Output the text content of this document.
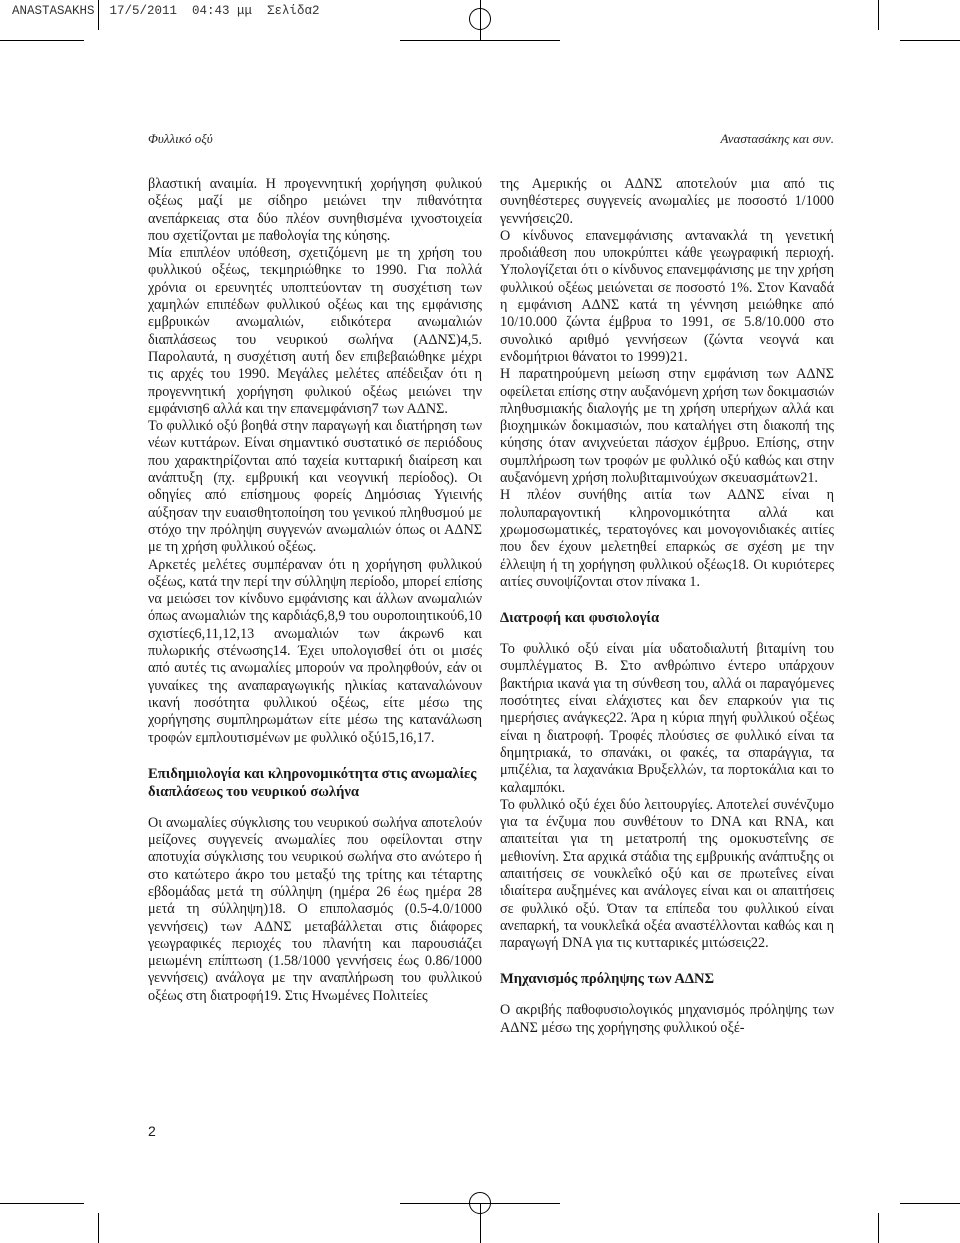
ANASTASAKHS  17/5/2011  04:43 μμ  Σελίδα2
Φυλλικό οξύ	Αναστασάκης και συν.

βλαστική αναιμία. Η προγεννητική χορήγηση φυλικού οξέως μαζί με σίδηρο μειώνει την πιθανότητα ανεπάρκειας στα δύο πλέον συνηθισμένα ιχνοστοιχεία που σχετίζονται με παθολογία της κύησης.

Μία επιπλέον υπόθεση, σχετιζόμενη με τη χρήση του φυλλικού οξέως, τεκμηριώθηκε το 1990. Για πολλά χρόνια οι ερευνητές υποπτεύονταν τη συσχέτιση των χαμηλών επιπέδων φυλλικού οξέως και της εμφάνισης εμβρυικών ανωμαλιών, ειδικότερα ανωμαλιών διαπλάσεως του νευρικού σωλήνα (ΑΔΝΣ)4,5. Παρολαυτά, η συσχέτιση αυτή δεν επιβεβαιώθηκε μέχρι τις αρχές του 1990. Μεγάλες μελέτες απέδειξαν ότι η προγεννητική χορήγηση φυλικού οξέως μειώνει την εμφάνιση6 αλλά και την επανεμφάνιση7 των ΑΔΝΣ.

Το φυλλικό οξύ βοηθά στην παραγωγή και διατήρηση των νέων κυττάρων. Είναι σημαντικό συστατικό σε περιόδους που χαρακτηρίζονται από ταχεία κυτταρική διαίρεση και ανάπτυξη (πχ. εμβρυική και νεογνική περίοδος). Οι οδηγίες από επίσημους φορείς Δημόσιας Υγιεινής αύξησαν την ευαισθητοποίηση του γενικού πληθυσμού με στόχο την πρόληψη συγγενών ανωμαλιών όπως οι ΑΔΝΣ με τη χρήση φυλλικού οξέως.

Αρκετές μελέτες συμπέραναν ότι η χορήγηση φυλλικού οξέως, κατά την περί την σύλληψη περίοδο, μπορεί επίσης να μειώσει τον κίνδυνο εμφάνισης και άλλων ανωμαλιών όπως ανωμαλιών της καρδιάς6,8,9 του ουροποιητικού6,10 σχιστίες6,11,12,13 ανωμαλιών των άκρων6 και πυλωρικής στένωσης14. Έχει υπολογισθεί ότι οι μισές από αυτές τις ανωμαλίες μπορούν να προληφθούν, εάν οι γυναίκες της αναπαραγωγικής ηλικίας καταναλώνουν ικανή ποσότητα φυλλικού οξέως, είτε μέσω της χορήγησης συμπληρωμάτων είτε μέσω της κατανάλωση τροφών εμπλουτισμένων με φυλλικό οξύ15,16,17.

Επιδημιολογία και κληρονομικότητα στις ανωμαλίες διαπλάσεως του νευρικού σωλήνα

Οι ανωμαλίες σύγκλισης του νευρικού σωλήνα αποτελούν μείζονες συγγενείς ανωμαλίες που οφείλονται στην αποτυχία σύγκλισης του νευρικού σωλήνα στο ανώτερο ή στο κατώτερο άκρο του μεταξύ της τρίτης και τέταρτης εβδομάδας μετά τη σύλληψη (ημέρα 26 έως ημέρα 28 μετά τη σύλληψη)18. Ο επιπολασμός (0.5-4.0/1000 γεννήσεις) των ΑΔΝΣ μεταβάλλεται στις διάφορες γεωγραφικές περιοχές του πλανήτη και παρουσιάζει μειωμένη επίπτωση (1.58/1000 γεννήσεις έως 0.86/1000 γεννήσεις) ανάλογα με την αναπλήρωση του φυλλικού οξέως στη διατροφή19. Στις Ηνωμένες Πολιτείες

της Αμερικής οι ΑΔΝΣ αποτελούν μια από τις συνηθέστερες συγγενείς ανωμαλίες με ποσοστό 1/1000 γεννήσεις20.

Ο κίνδυνος επανεμφάνισης αντανακλά τη γενετική προδιάθεση που υποκρύπτει κάθε γεωγραφική περιοχή. Υπολογίζεται ότι ο κίνδυνος επανεμφάνισης με την χρήση φυλλικού οξέως μειώνεται σε ποσοστό 1%. Στον Καναδά η εμφάνιση ΑΔΝΣ κατά τη γέννηση μειώθηκε από 10/10.000 ζώντα έμβρυα το 1991, σε 5.8/10.000 στο συνολικό αριθμό γεννήσεων (ζώντα νεογνά και ενδομήτριοι θάνατοι το 1999)21.

Η παρατηρούμενη μείωση στην εμφάνιση των ΑΔΝΣ οφείλεται επίσης στην αυξανόμενη χρήση των δοκιμασιών πληθυσμιακής διαλογής με τη χρήση υπερήχων αλλά και βιοχημικών δοκιμασιών, που καταλήγει στη διακοπή της κύησης όταν ανιχνεύεται πάσχον έμβρυο. Επίσης, στην συμπλήρωση των τροφών με φυλλικό οξύ καθώς και στην αυξανόμενη χρήση πολυβιταμινούχων σκευασμάτων21.

Η πλέον συνήθης αιτία των ΑΔΝΣ είναι η πολυπαραγοντική κληρονομικότητα αλλά και χρωμοσωματικές, τερατογόνες και μονογονιδιακές αιτίες που δεν έχουν μελετηθεί επαρκώς σε σχέση με την έλλειψη ή τη χορήγηση φυλλικού οξέως18. Οι κυριότερες αιτίες συνοψίζονται στον πίνακα 1.

Διατροφή και φυσιολογία

Το φυλλικό οξύ είναι μία υδατοδιαλυτή βιταμίνη του συμπλέγματος Β. Στο ανθρώπινο έντερο υπάρχουν βακτήρια ικανά για τη σύνθεση του, αλλά οι παραγόμενες ποσότητες είναι ελάχιστες και δεν επαρκούν για τις ημερήσιες ανάγκες22. Άρα η κύρια πηγή φυλλικού οξέως είναι η διατροφή. Τροφές πλούσιες σε φυλλικό είναι τα δημητριακά, το σπανάκι, οι φακές, τα σπαράγγια, τα μπιζέλια, τα λαχανάκια Βρυξελλών, τα πορτοκάλια και το καλαμπόκι.

Το φυλλικό οξύ έχει δύο λειτουργίες. Αποτελεί συνένζυμο για τα ένζυμα που συνθέτουν το DNA και RNA, και απαιτείται για τη μετατροπή της ομοκυστεΐνης σε μεθιονίνη. Στα αρχικά στάδια της εμβρυικής ανάπτυξης οι απαιτήσεις σε νουκλεΐκό οξύ και σε πρωτεΐνες είναι ιδιαίτερα αυξημένες και ανάλογες είναι και οι απαιτήσεις σε φυλλικό οξύ. Όταν τα επίπεδα του φυλλικού είναι ανεπαρκή, τα νουκλεΐκά οξέα αναστέλλονται καθώς και η παραγωγή DNA για τις κυτταρικές μιτώσεις22.

Μηχανισμός πρόληψης των ΑΔΝΣ

Ο ακριβής παθοφυσιολογικός μηχανισμός πρόληψης των ΑΔΝΣ μέσω της χορήγησης φυλλικού οξέ-

2
